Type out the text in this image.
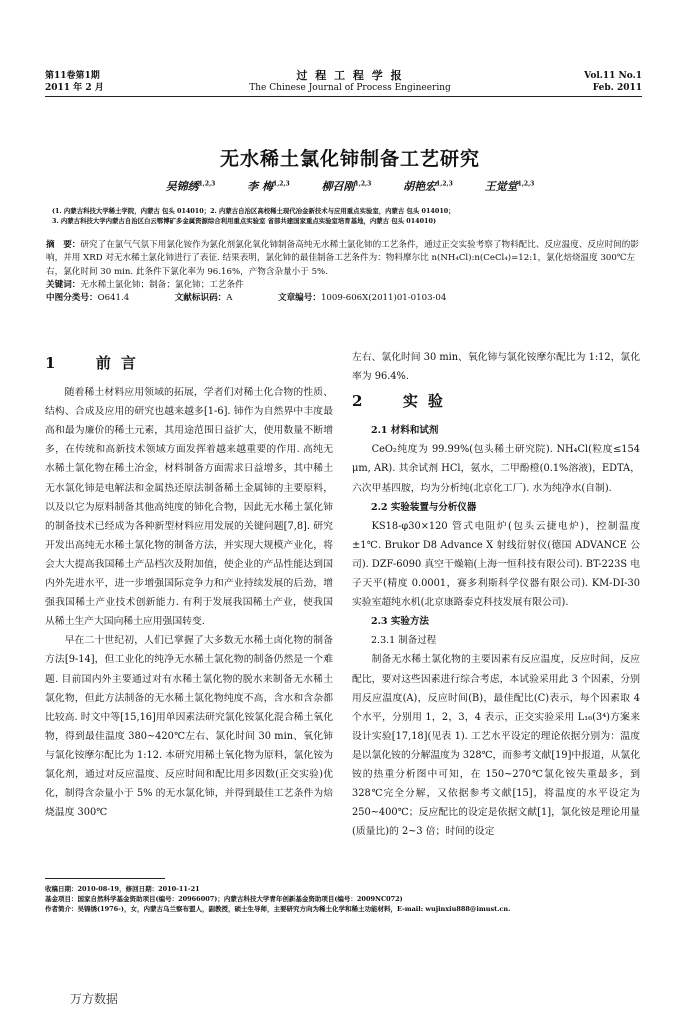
第11卷第1期
2011 年 2 月
过 程 工 程 学 报
The Chinese Journal of Process Engineering
Vol.11 No.1
Feb. 2011
无水稀土氯化铈制备工艺研究
吴锦绣$^{1,2,3}$	李 梅$^{1,2,3}$	柳召刚$^{1,2,3}$	胡艳宏$^{1,2,3}$	王觉堂$^{1,2,3}$
(1. 内蒙古科技大学稀土学院，内蒙古 包头 014010；2. 内蒙古自治区高校稀土现代冶金新技术与应用重点实验室，内蒙古 包头 014010；
3. 内蒙古科技大学内蒙古自治区白云鄂博矿多金属资源综合利用重点实验室 省部共建国家重点实验室培育基地，内蒙古 包头 014010)
摘　要：研究了在氯气气氛下用氯化铵作为氯化剂氯化氧化铈制备高纯无水稀土氯化铈的工艺条件，通过正交实验考察了物料配比、反应温度、反应时间的影响，并用 XRD 对无水稀土氯化铈进行了表征. 结果表明，氯化铈的最佳制备工艺条件为：物料摩尔比 n(NH₄Cl):n(CeCl₄)=12:1，氯化焙烧温度 300℃左右，氯化时间 30 min. 此条件下氯化率为 96.16%，产物含杂量小于 5%.
关键词：无水稀土氯化铈；制备；氯化铈；工艺条件
中图分类号：O641.4	文献标识码：A	文章编号：1009-606X(2011)01-0103-04
1 前言

随着稀土材料应用领域的拓展，学者们对稀土化合物的性质、结构、合成及应用的研究也越来越多[1-6]. 铈作为自然界中丰度最高和最为廉价的稀土元素，其用途范围日益扩大，使用数量不断增多，在传统和高新技术领域方面发挥着越来越重要的作用. 高纯无水稀土氯化物在稀土冶金，材料制备方面需求日益增多，其中稀土无水氯化铈是电解法和金属热还原法制备稀土金属铈的主要原料，以及以它为原料制备其他高纯度的铈化合物，因此无水稀土氯化铈的制备技术已经成为各种新型材料应用发展的关键问题[7,8]. 研究开发出高纯无水稀土氯化物的制备方法，并实现大规模产业化，将会大大提高我国稀土产品档次及附加值，使企业的产品性能达到国内外先进水平，进一步增强国际竞争力和产业持续发展的后劲，增强我国稀土产业技术创新能力. 有利于发展我国稀土产业，使我国从稀土生产大国向稀土应用强国转变.

早在二十世纪初，人们已掌握了大多数无水稀土卤化物的制备方法[9-14]，但工业化的纯净无水稀土氯化物的制备仍然是一个难题. 目前国内外主要通过对有水稀土氯化物的脱水来制备无水稀土氯化物，但此方法制备的无水稀土氯化物纯度不高，含水和含杂都比较高. 时文中等[15,16]用单因素法研究氯化铵氯化混合稀土氧化物，得到最佳温度 380~420℃左右、氯化时间 30 min、氧化铈与氯化铵摩尔配比为 1:12. 本研究用稀土氧化物为原料，氯化铵为氯化剂，通过对反应温度、反应时间和配比用多因数(正交实验)优化，制得含杂量小于 5% 的无水氯化铈，并得到最佳工艺条件为焙烧温度 300℃

左右、氯化时间 30 min、氧化铈与氯化铵摩尔配比为 1:12，氯化率为 96.4%.

2 实验

2.1 材料和试剂

CeO₂纯度为 99.99%(包头稀土研究院). NH₄Cl(粒度≤154 μm, AR). 其余试剂 HCl，氨水，二甲酚橙(0.1%溶液)，EDTA，六次甲基四胺，均为分析纯(北京化工厂). 水为纯净水(自制).

2.2 实验装置与分析仪器

KS18-φ30×120 管式电阻炉(包头云捷电炉)，控制温度±1℃. Brukor D8 Advance X 射线衍射仪(德国 ADVANCE 公司). DZF-6090 真空干燥箱(上海一恒科技有限公司). BT-223S 电子天平(精度 0.0001，赛多利斯科学仪器有限公司). KM-DI-30 实验室超纯水机(北京康路泰克科技发展有限公司).

2.3 实验方法

2.3.1 制备过程

制备无水稀土氯化物的主要因素有反应温度，反应时间，反应配比，要对这些因素进行综合考虑，本试验采用此 3 个因素，分别用反应温度(A)，反应时间(B)，最佳配比(C)表示，每个因素取 4 个水平，分别用 1，2，3，4 表示，正交实验采用 L₁₆(3⁴)方案来设计实验[17,18](见表 1). 工艺水平设定的理论依据分别为：温度是以氯化铵的分解温度为 328℃，而参考文献[19]中报道，从氯化铵的热重分析图中可知，在 150~270℃氯化铵失重最多，到 328℃完全分解，又依据参考文献[15]，将温度的水平设定为 250~400℃；反应配比的设定是依据文献[1]，氯化铵是理论用量(质量比)的 2~3 倍；时间的设定

收稿日期：2010-08-19，修回日期：2010-11-21
基金项目：国家自然科学基金资助项目(编号：20966007)；内蒙古科技大学青年创新基金资助项目(编号：2009NC072)
作者简介：吴锦绣(1976-)，女，内蒙古乌兰察布盟人，副教授，硕士生导师，主要研究方向为稀土化学和稀土功能材料，E-mail: wujinxiu888@imust.cn.
万方数据
